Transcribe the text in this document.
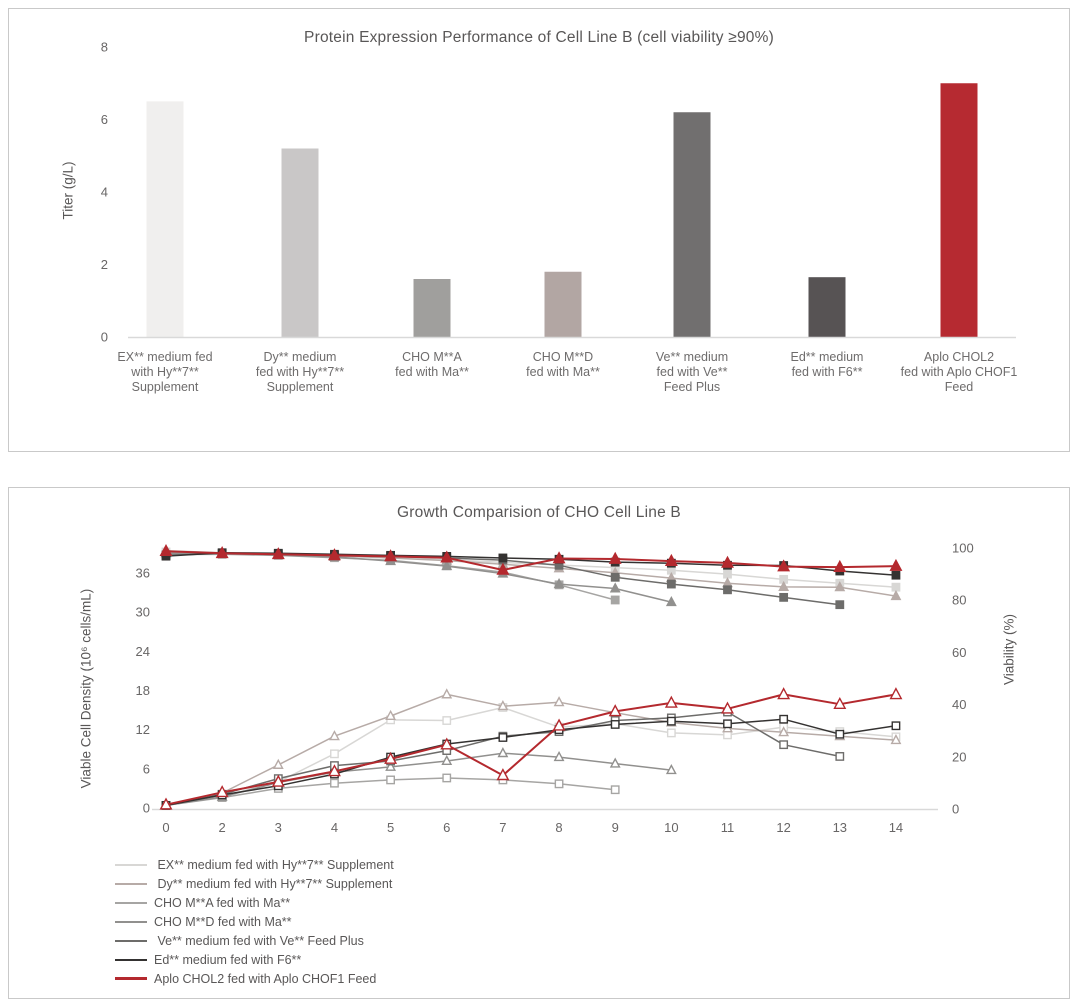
Protein Expression Performance of Cell Line B (cell viability ≥90%)
Titer (g/L)
0
2
4
6
8
EX** medium fed with Hy**7** Supplement
Dy** medium fed with Hy**7** Supplement
CHO M**A fed with Ma**
CHO M**D fed with Ma**
Ve** medium fed with Ve** Feed Plus
Ed** medium fed with F6**
Aplo CHOL2 fed with Aplo CHOF1 Feed
Growth Comparision of CHO Cell Line B
Viable Cell Density (10⁶ cells/mL)	Viability (%)
0	2	3	4	5	6	7	8	9	10	11	12	13	14
0
6
12
18
24
30
36
0
20
40
60
80
100
EX** medium fed with Hy**7** Supplement
Dy** medium fed with Hy**7** Supplement
CHO M**A fed with Ma**
CHO M**D fed with Ma**
Ve** medium fed with Ve** Feed Plus
Ed** medium fed with F6**
Aplo CHOL2 fed with Aplo CHOF1 Feed
